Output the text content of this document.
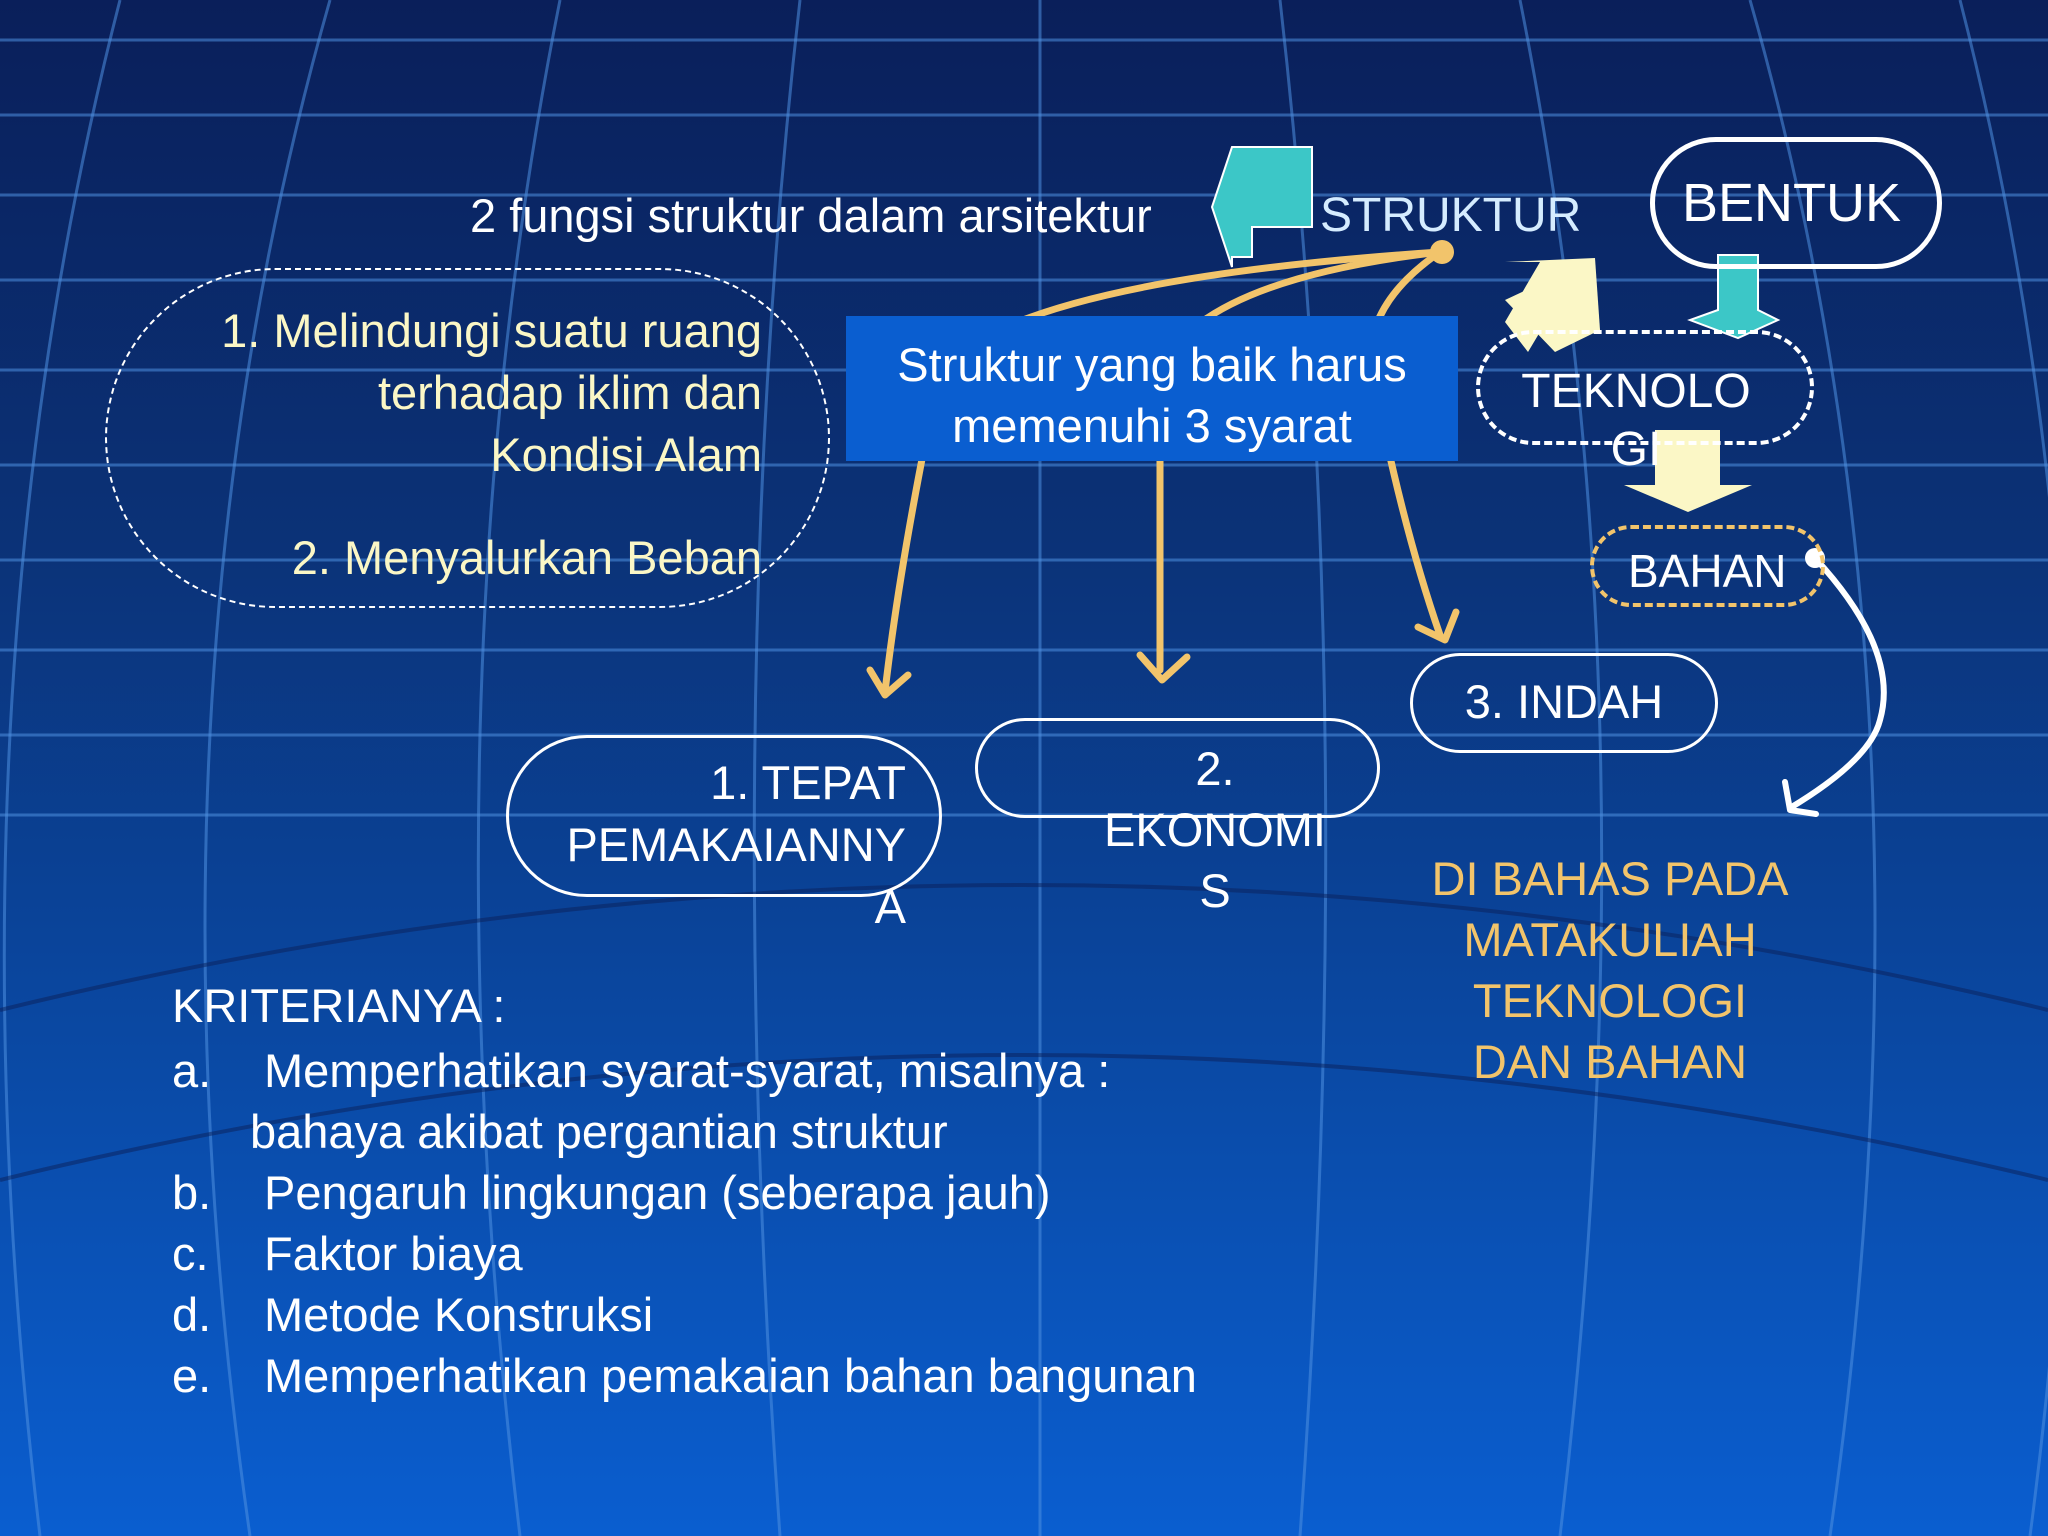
2 fungsi struktur dalam arsitektur	STRUKTUR BENTUK
1. Melindungi suatu ruang
terhadap iklim dan
Kondisi Alam
2. Menyalurkan Beban
Struktur yang baik harus
memenuhi 3 syarat
TEKNOLO
GI
BAHAN
1. TEPAT
PEMAKAIANNY
A
2.
EKONOMI
S
3. INDAH
DI BAHAS PADA
MATAKULIAH
TEKNOLOGI
DAN BAHAN
KRITERIANYA :
a.	Memperhatikan syarat-syarat, misalnya :
bahaya akibat pergantian struktur
b.	Pengaruh lingkungan (seberapa jauh)
c.	Faktor biaya
d.	Metode Konstruksi
e.	Memperhatikan pemakaian bahan bangunan
